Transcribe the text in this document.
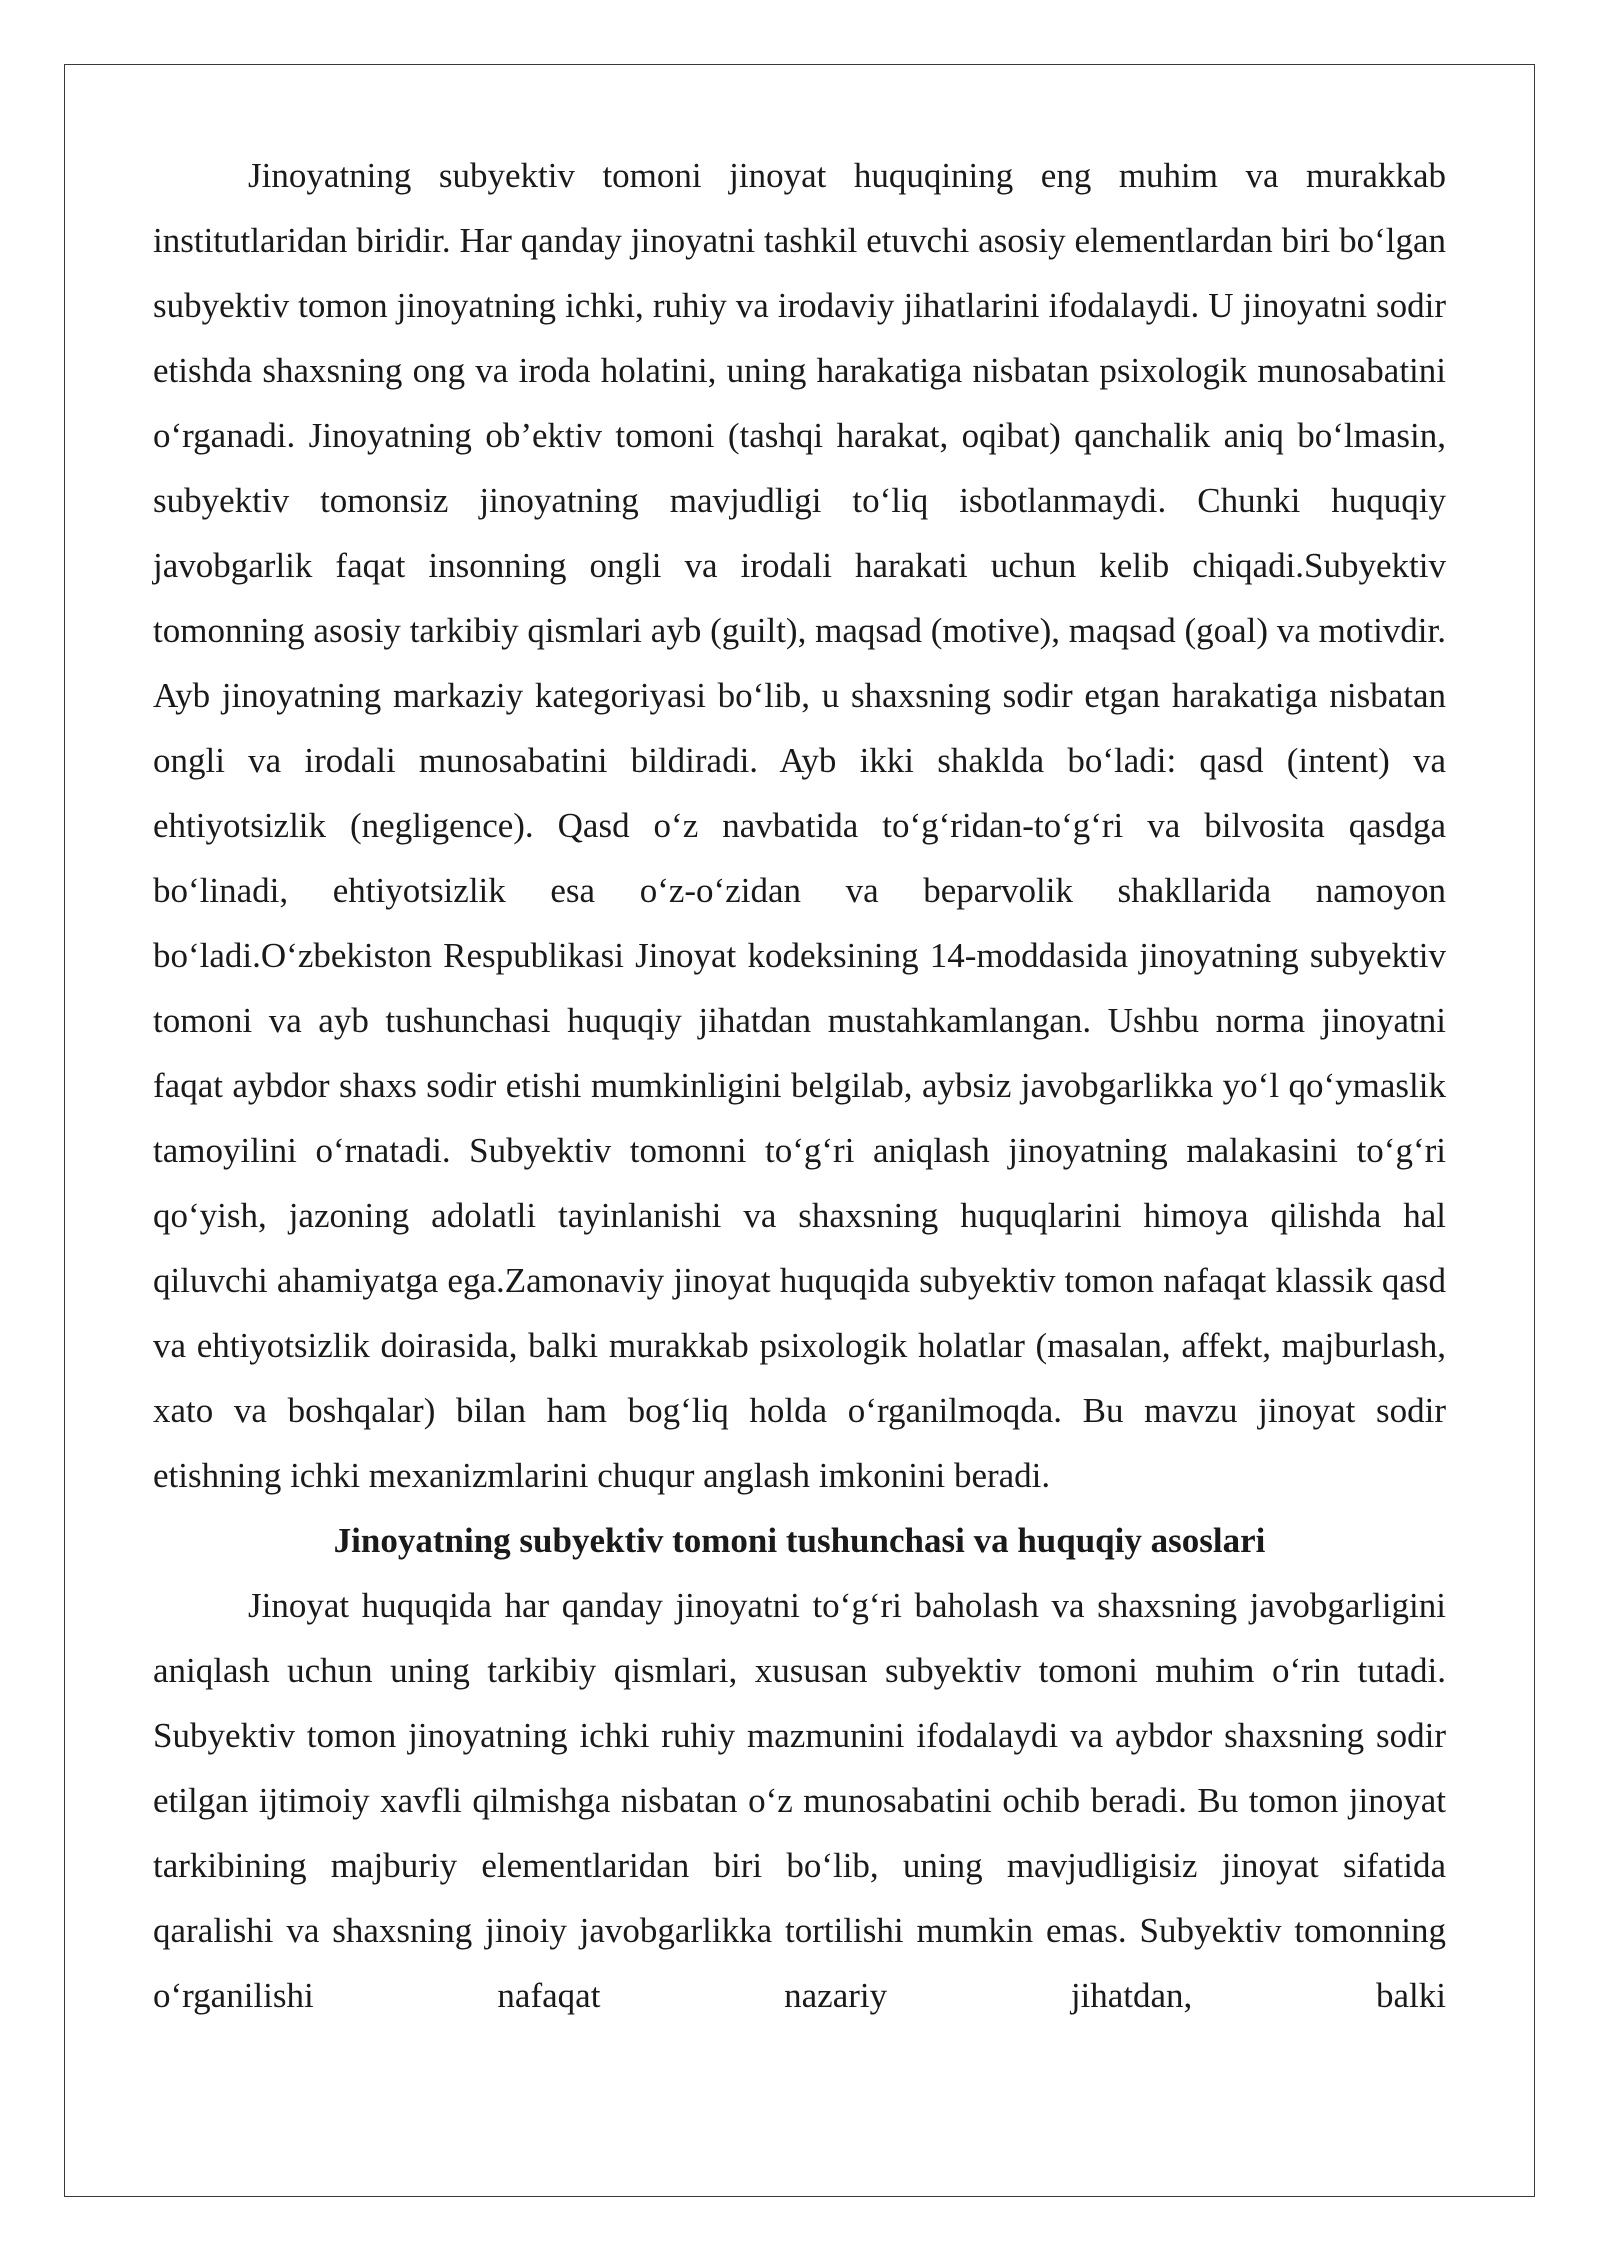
Jinoyatning subyektiv tomoni jinoyat huquqining eng muhim va murakkab institutlaridan biridir. Har qanday jinoyatni tashkil etuvchi asosiy elementlardan biri bo‘lgan subyektiv tomon jinoyatning ichki, ruhiy va irodaviy jihatlarini ifodalaydi. U jinoyatni sodir etishda shaxsning ong va iroda holatini, uning harakatiga nisbatan psixologik munosabatini o‘rganadi. Jinoyatning ob’ektiv tomoni (tashqi harakat, oqibat) qanchalik aniq bo‘lmasin, subyektiv tomonsiz jinoyatning mavjudligi to‘liq isbotlanmaydi. Chunki huquqiy javobgarlik faqat insonning ongli va irodali harakati uchun kelib chiqadi.Subyektiv tomonning asosiy tarkibiy qismlari ayb (guilt), maqsad (motive), maqsad (goal) va motivdir. Ayb jinoyatning markaziy kategoriyasi bo‘lib, u shaxsning sodir etgan harakatiga nisbatan ongli va irodali munosabatini bildiradi. Ayb ikki shaklda bo‘ladi: qasd (intent) va ehtiyotsizlik (negligence). Qasd o‘z navbatida to‘g‘ridan-to‘g‘ri va bilvosita qasdga bo‘linadi, ehtiyotsizlik esa o‘z-o‘zidan va beparvolik shakllarida namoyon bo‘ladi.O‘zbekiston Respublikasi Jinoyat kodeksining 14-moddasida jinoyatning subyektiv tomoni va ayb tushunchasi huquqiy jihatdan mustahkamlangan. Ushbu norma jinoyatni faqat aybdor shaxs sodir etishi mumkinligini belgilab, aybsiz javobgarlikka yo‘l qo‘ymaslik tamoyilini o‘rnatadi. Subyektiv tomonni to‘g‘ri aniqlash jinoyatning malakasini to‘g‘ri qo‘yish, jazoning adolatli tayinlanishi va shaxsning huquqlarini himoya qilishda hal qiluvchi ahamiyatga ega.Zamonaviy jinoyat huquqida subyektiv tomon nafaqat klassik qasd va ehtiyotsizlik doirasida, balki murakkab psixologik holatlar (masalan, affekt, majburlash, xato va boshqalar) bilan ham bog‘liq holda o‘rganilmoqda. Bu mavzu jinoyat sodir etishning ichki mexanizmlarini chuqur anglash imkonini beradi.

Jinoyatning subyektiv tomoni tushunchasi va huquqiy asoslari

Jinoyat huquqida har qanday jinoyatni to‘g‘ri baholash va shaxsning javobgarligini aniqlash uchun uning tarkibiy qismlari, xususan subyektiv tomoni muhim o‘rin tutadi. Subyektiv tomon jinoyatning ichki ruhiy mazmunini ifodalaydi va aybdor shaxsning sodir etilgan ijtimoiy xavfli qilmishga nisbatan o‘z munosabatini ochib beradi. Bu tomon jinoyat tarkibining majburiy elementlaridan biri bo‘lib, uning mavjudligisiz jinoyat sifatida qaralishi va shaxsning jinoiy javobgarlikka tortilishi mumkin emas. Subyektiv tomonning o‘rganilishi nafaqat nazariy jihatdan, balki
